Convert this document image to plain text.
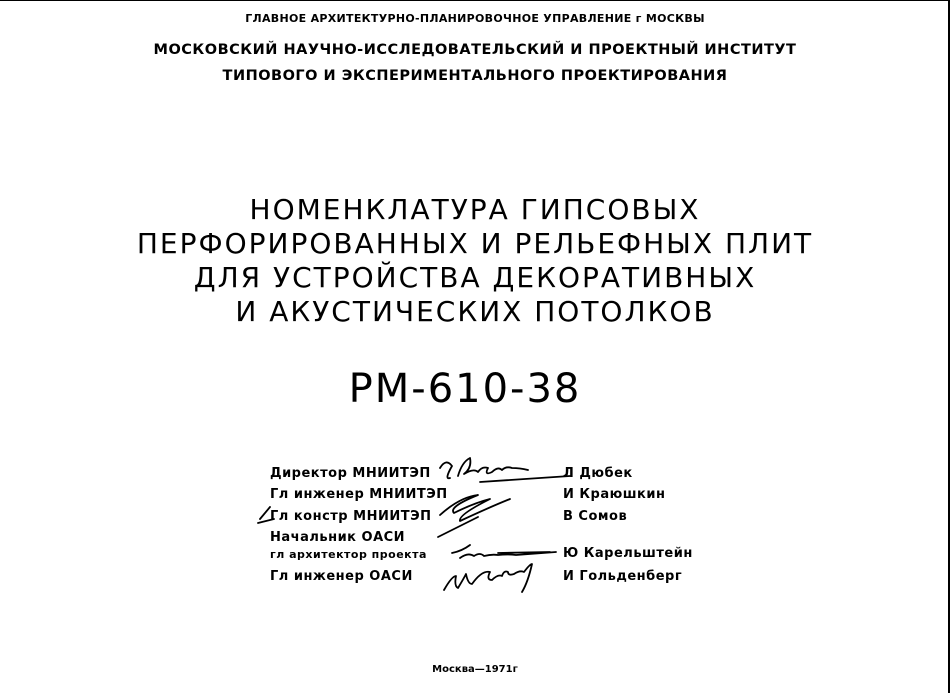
ГЛАВНОЕ АРХИТЕКТУРНО-ПЛАНИРОВОЧНОЕ УПРАВЛЕНИЕ г МОСКВЫ
МОСКОВСКИЙ НАУЧНО-ИССЛЕДОВАТЕЛЬСКИЙ И ПРОЕКТНЫЙ ИНСТИТУТ
ТИПОВОГО И ЭКСПЕРИМЕНТАЛЬНОГО ПРОЕКТИРОВАНИЯ
НОМЕНКЛАТУРА ГИПСОВЫХ
ПЕРФОРИРОВАННЫХ И РЕЛЬЕФНЫХ ПЛИТ
ДЛЯ УСТРОЙСТВА ДЕКОРАТИВНЫХ
И АКУСТИЧЕСКИХ ПОТОЛКОВ
РМ-610-38
Директор МНИИТЭП	Л Дюбек
Гл инженер МНИИТЭП	И Краюшкин
Гл констр МНИИТЭП	В Сомов
Начальник ОАСИ
гл архитектор проекта	Ю Карельштейн
Гл инженер ОАСИ	И Гольденберг
Москва—1971г
